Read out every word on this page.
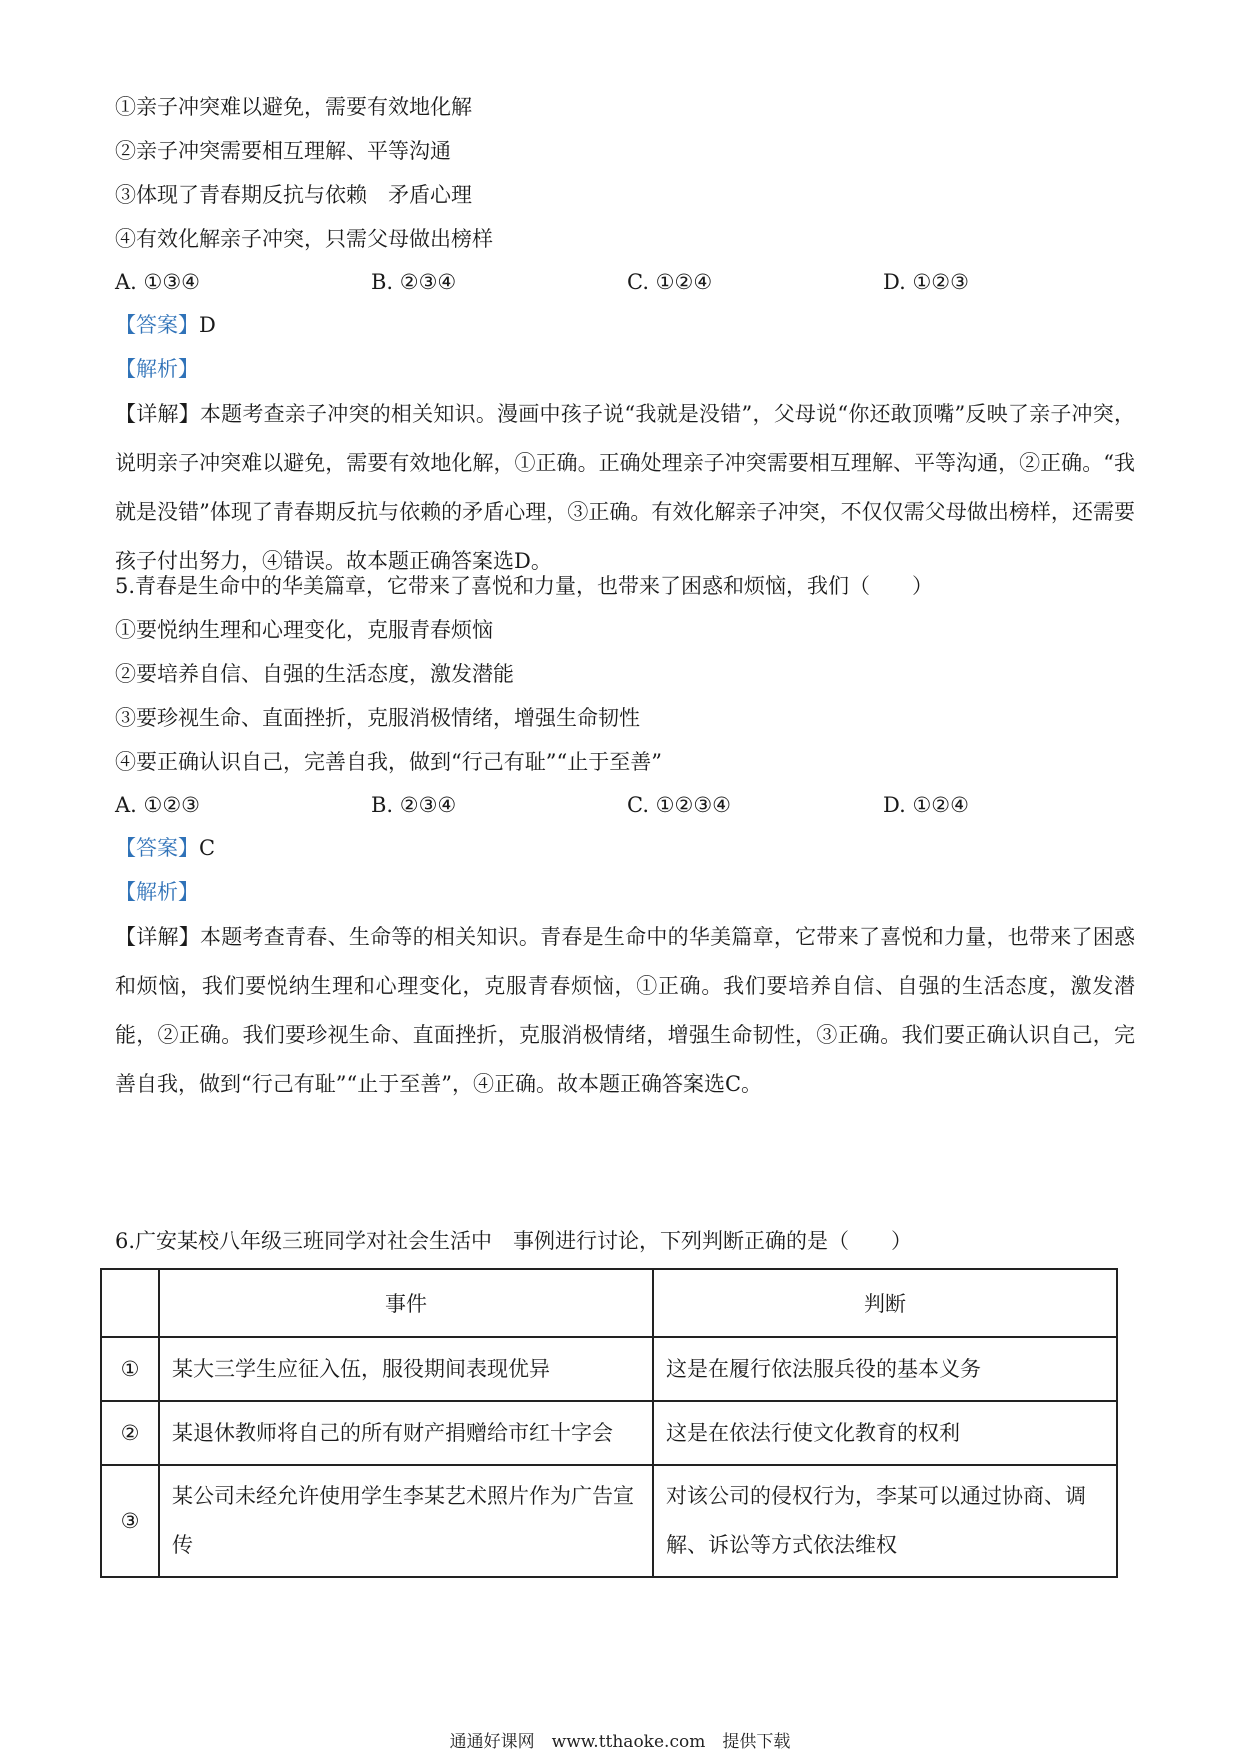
①亲子冲突难以避免，需要有效地化解
②亲子冲突需要相互理解、平等沟通
③体现了青春期反抗与依赖　矛盾心理
④有效化解亲子冲突，只需父母做出榜样
A. ①③④	B. ②③④	C. ①②④	D. ①②③
【答案】D
【解析】
【详解】本题考查亲子冲突的相关知识。漫画中孩子说“我就是没错”，父母说“你还敢顶嘴”反映了亲子冲突，说明亲子冲突难以避免，需要有效地化解，①正确。正确处理亲子冲突需要相互理解、平等沟通，②正确。“我就是没错”体现了青春期反抗与依赖的矛盾心理，③正确。有效化解亲子冲突，不仅仅需父母做出榜样，还需要孩子付出努力，④错误。故本题正确答案选D。
5.青春是生命中的华美篇章，它带来了喜悦和力量，也带来了困惑和烦恼，我们（　　）
①要悦纳生理和心理变化，克服青春烦恼
②要培养自信、自强的生活态度，激发潜能
③要珍视生命、直面挫折，克服消极情绪，增强生命韧性
④要正确认识自己，完善自我，做到“行己有耻”“止于至善”
A. ①②③	B. ②③④	C. ①②③④	D. ①②④
【答案】C
【解析】
【详解】本题考查青春、生命等的相关知识。青春是生命中的华美篇章，它带来了喜悦和力量，也带来了困惑和烦恼，我们要悦纳生理和心理变化，克服青春烦恼，①正确。我们要培养自信、自强的生活态度，激发潜能，②正确。我们要珍视生命、直面挫折，克服消极情绪，增强生命韧性，③正确。我们要正确认识自己，完善自我，做到“行己有耻”“止于至善”，④正确。故本题正确答案选C。
6.广安某校八年级三班同学对社会生活中　事例进行讨论，下列判断正确的是（　　）
	事件	判断
①	某大三学生应征入伍，服役期间表现优异	这是在履行依法服兵役的基本义务
②	某退休教师将自己的所有财产捐赠给市红十字会	这是在依法行使文化教育的权利
③	某公司未经允许使用学生李某艺术照片作为广告宣传	对该公司的侵权行为，李某可以通过协商、调解、诉讼等方式依法维权
通通好课网　www.tthaoke.com　提供下载
